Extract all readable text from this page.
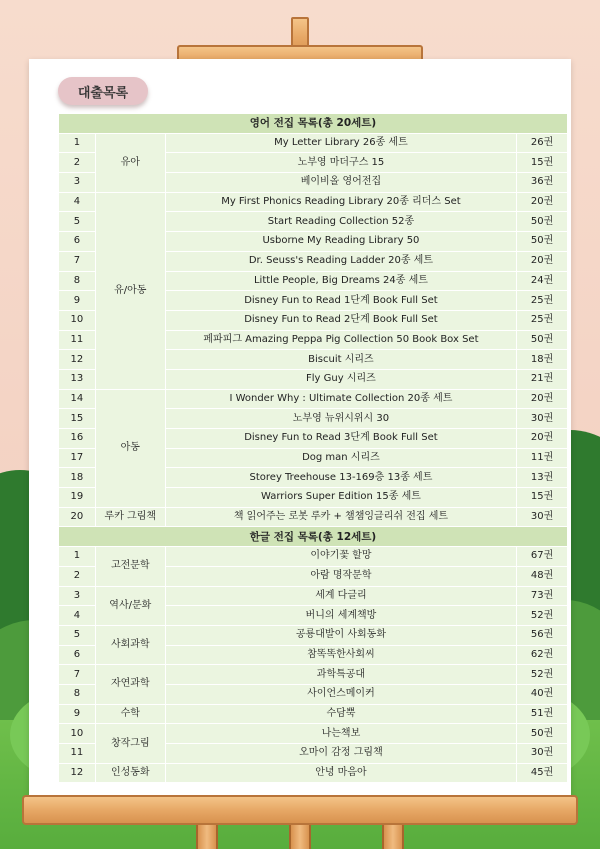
대출목록
영어 전집 목록(총 20세트)			
1	유아	My Letter Library 26종 세트	26권
2		노부영 마더구스 15	15권
3		베이비올 영어전집	36권
4	유/아동	My First Phonics Reading Library 20종 리더스 Set	20권
5		Start Reading Collection 52종	50권
6		Usborne My Reading Library 50	50권
7		Dr. Seuss's Reading Ladder 20종 세트	20권
8		Little People, Big Dreams 24종 세트	24권
9		Disney Fun to Read 1단계 Book Full Set	25권
10		Disney Fun to Read 2단계 Book Full Set	25권
11		페파피그 Amazing Peppa Pig Collection 50 Book Box Set	50권
12		Biscuit 시리즈	18권
13		Fly Guy 시리즈	21권
14	아동	I Wonder Why : Ultimate Collection 20종 세트	20권
15		노부영 뉴위시위시 30	30권
16		Disney Fun to Read 3단계 Book Full Set	20권
17		Dog man 시리즈	11권
18		Storey Treehouse 13-169층 13종 세트	13권
19		Warriors Super Edition 15종 세트	15권
20	루카 그림책	책 읽어주는 로봇 루카 + 챔챔잉글리쉬 전집 세트	30권
한글 전집 목록(총 12세트)			
1	고전문학	이야기꽃 할망	67권
2		아람 명작문학	48권
3	역사/문화	세계 다글리	73권
4		버니의 세계책방	52권
5	사회과학	공룡대발이 사회동화	56권
6		참똑똑한사회씨	62권
7	자연과학	과학특공대	52권
8		사이언스메이커	40권
9	수학	수담뿍	51권
10	창작그림	나는책보	50권
11		오마이 감정 그림책	30권
12	인성동화	안녕 마음아	45권
